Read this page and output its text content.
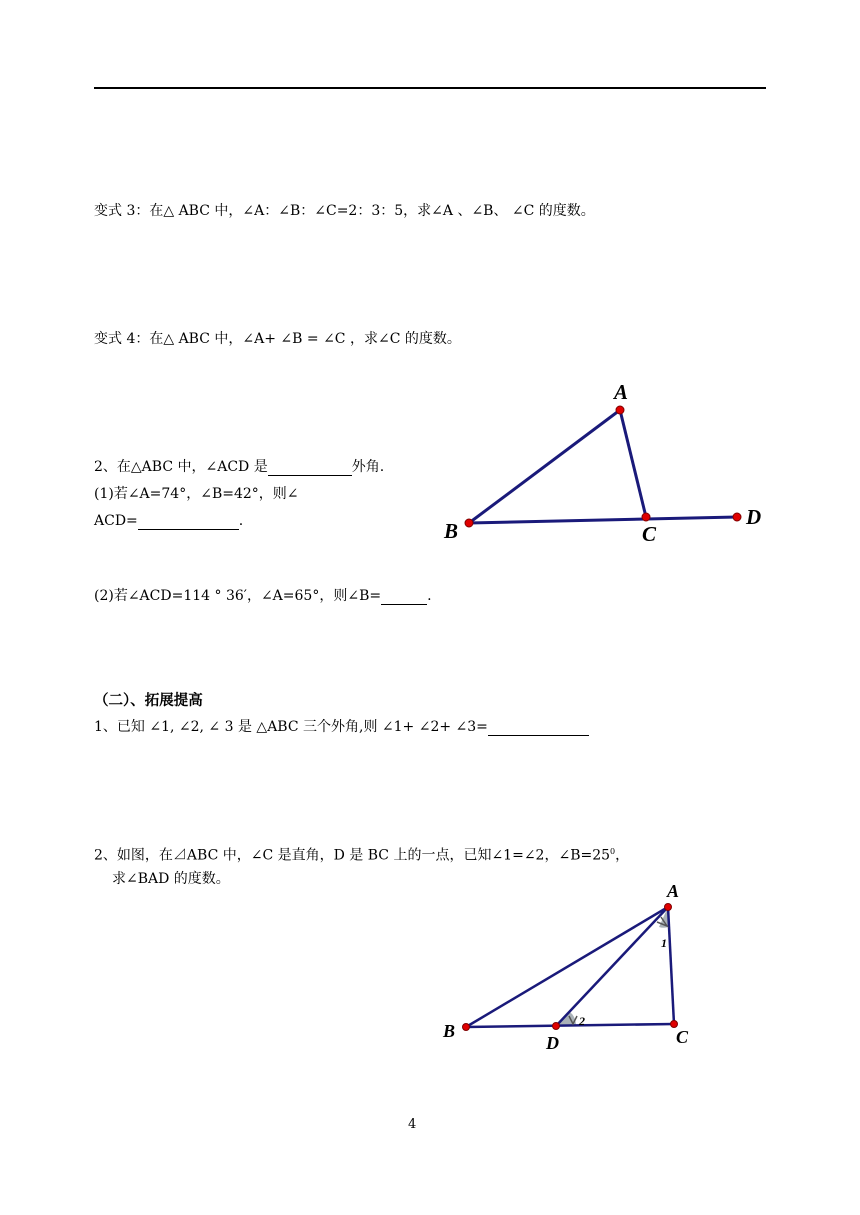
变式 3：在△ ABC 中，∠A：∠B：∠C=2：3：5，求∠A 、∠B、 ∠C 的度数。
变式 4：在△ ABC 中，∠A+ ∠B = ∠C ，求∠C 的度数。
2、在△ABC 中，∠ACD 是	外角.
(1)若∠A=74°，∠B=42°，则∠
ACD=	.
(2)若∠ACD=114 ° 36′，∠A=65°，则∠B=	.
A
B	C
D
（二）、拓展提高
1、已知 ∠1, ∠2, ∠ 3 是 △ABC 三个外角,则 ∠1+ ∠2+ ∠3=
2、如图，在⊿ABC 中，∠C 是直角，D 是 BC 上的一点，已知∠1=∠2，$\angle B=25^0$，
求∠BAD 的度数。
A
B
D	C
1
2
4
